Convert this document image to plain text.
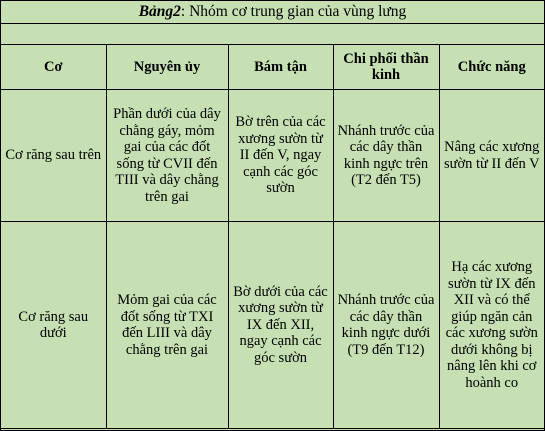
Bảng2: Nhóm cơ trung gian của vùng lưng				

Cơ	Nguyên ủy	Bám tận	Chi phối thần kinh	Chức năng
Cơ răng sau trên	Phần dưới của dây chằng gáy, mỏm gai của các đốt sống từ CVII đến TIII và dây chằng trên gai	Bờ trên của các xương sườn từ II đến V, ngay cạnh các góc sườn	Nhánh trước của các dây thần kinh ngực trên (T2 đến T5)	Nâng các xương sườn từ II đến V
Cơ răng sau dưới	Mỏm gai của các đốt sống từ TXI đến LIII và dây chằng trên gai	Bờ dưới của các xương sườn từ IX đến XII, ngay cạnh các góc sườn	Nhánh trước của các dây thần kinh ngực dưới (T9 đến T12)	Hạ các xương sườn từ IX đến XII và có thể giúp ngăn cản các xương sườn dưới không bị nâng lên khi cơ hoành co
